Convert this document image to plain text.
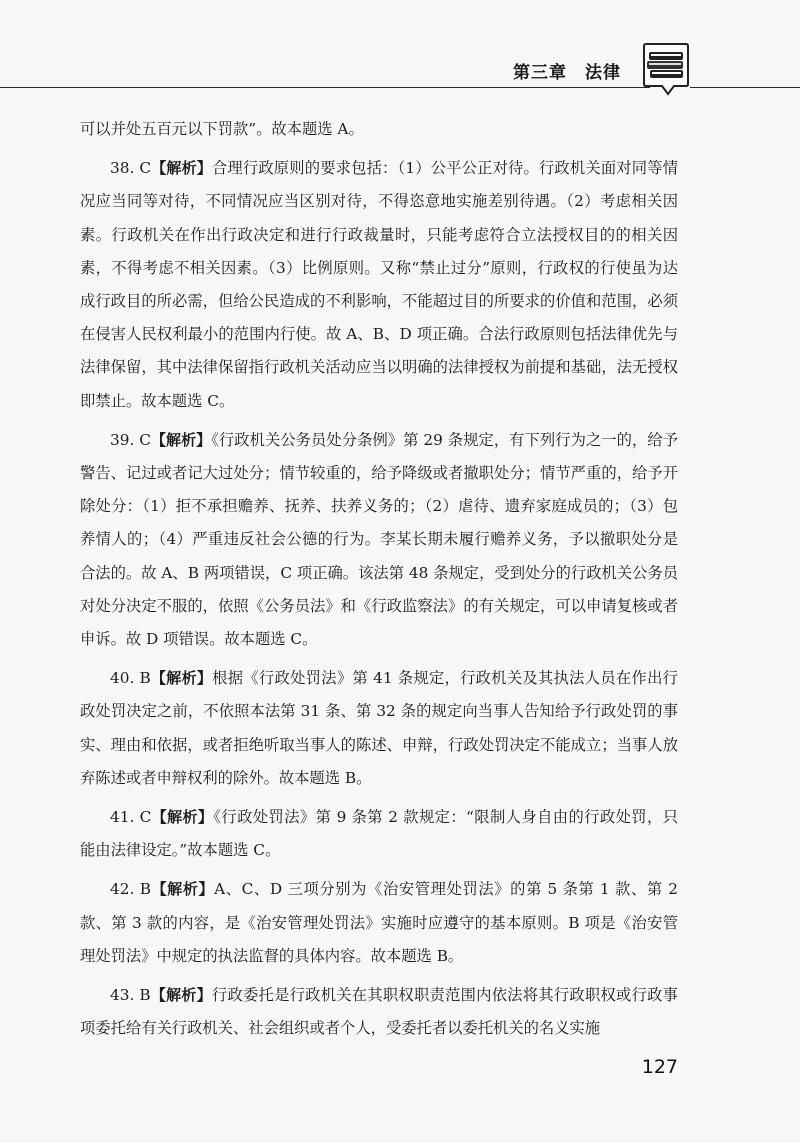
第三章　法律

可以并处五百元以下罚款”。故本题选 A。

38. C【解析】合理行政原则的要求包括：（1）公平公正对待。行政机关面对同等情况应当同等对待，不同情况应当区别对待，不得恣意地实施差别待遇。（2）考虑相关因素。行政机关在作出行政决定和进行行政裁量时，只能考虑符合立法授权目的的相关因素，不得考虑不相关因素。（3）比例原则。又称“禁止过分”原则，行政权的行使虽为达成行政目的所必需，但给公民造成的不利影响，不能超过目的所要求的价值和范围，必须在侵害人民权利最小的范围内行使。故 A、B、D 项正确。合法行政原则包括法律优先与法律保留，其中法律保留指行政机关活动应当以明确的法律授权为前提和基础，法无授权即禁止。故本题选 C。

39. C【解析】《行政机关公务员处分条例》第 29 条规定，有下列行为之一的，给予警告、记过或者记大过处分；情节较重的，给予降级或者撤职处分；情节严重的，给予开除处分：（1）拒不承担赡养、抚养、扶养义务的；（2）虐待、遗弃家庭成员的；（3）包养情人的；（4）严重违反社会公德的行为。李某长期未履行赡养义务，予以撤职处分是合法的。故 A、B 两项错误，C 项正确。该法第 48 条规定，受到处分的行政机关公务员对处分决定不服的，依照《公务员法》和《行政监察法》的有关规定，可以申请复核或者申诉。故 D 项错误。故本题选 C。

40. B【解析】根据《行政处罚法》第 41 条规定，行政机关及其执法人员在作出行政处罚决定之前，不依照本法第 31 条、第 32 条的规定向当事人告知给予行政处罚的事实、理由和依据，或者拒绝听取当事人的陈述、申辩，行政处罚决定不能成立；当事人放弃陈述或者申辩权利的除外。故本题选 B。

41. C【解析】《行政处罚法》第 9 条第 2 款规定：“限制人身自由的行政处罚，只能由法律设定。”故本题选 C。

42. B【解析】A、C、D 三项分别为《治安管理处罚法》的第 5 条第 1 款、第 2 款、第 3 款的内容，是《治安管理处罚法》实施时应遵守的基本原则。B 项是《治安管理处罚法》中规定的执法监督的具体内容。故本题选 B。

43. B【解析】行政委托是行政机关在其职权职责范围内依法将其行政职权或行政事项委托给有关行政机关、社会组织或者个人，受委托者以委托机关的名义实施

127
